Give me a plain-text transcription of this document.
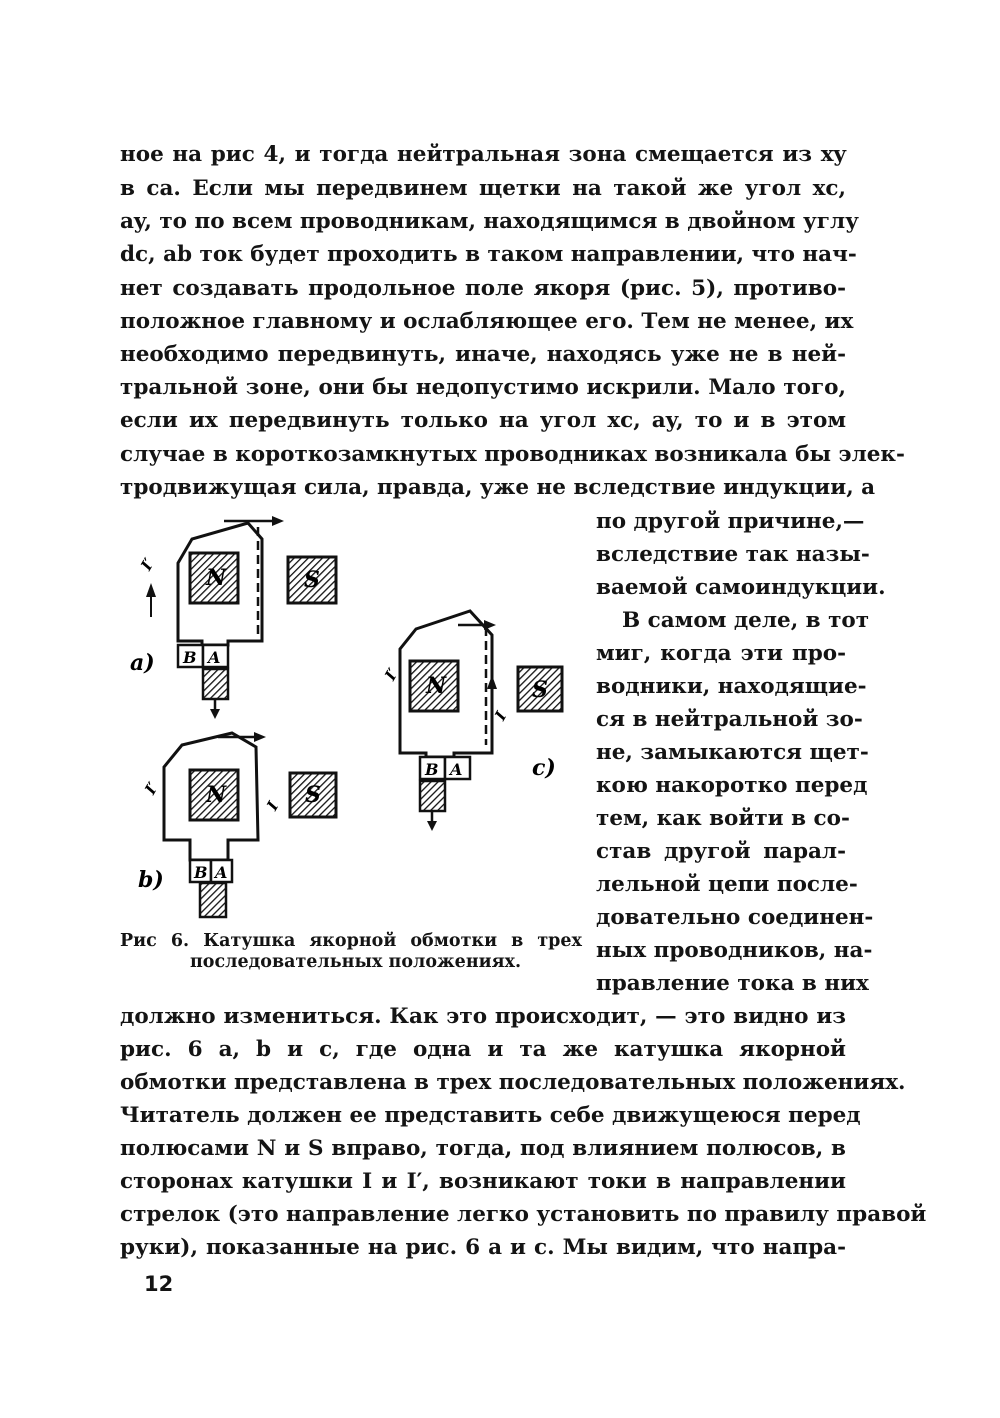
ное на рис 4, и тогда нейтральная зона смещается из xy
в ca. Если мы передвинем щетки на такой же угол xc,
ay, то по всем проводникам, находящимся в двойном углу
dc, ab ток будет проходить в таком направлении, что нач-
нет создавать продольное поле якоря (рис. 5), противо-
положное главному и ослабляющее его. Тем не менее, их
необходимо передвинуть, иначе, находясь уже не в ней-
тральной зоне, они бы недопустимо искрили. Мало того,
если их передвинуть только на угол xc, ay, то и в этом
случае в короткозамкнутых проводниках возникала бы элек-
тродвижущая сила, правда, уже не вследствие индукции, а
по другой причине,—
вследствие так назы-
ваемой самоиндукции.
В самом деле, в тот
миг, когда эти про-
водники, находящие-
ся в нейтральной зо-
не, замыкаются щет-
кою накоротко перед
тем, как войти в со-
став другой парал-
лельной цепи после-
довательно соединен-
ных проводников, на-
правление тока в них
a)
c)
b)
N	S
N	S
N	S
B A
B A
B A
I′
I′
I
I′
I
Рис 6. Катушка якорной обмотки в трех
последовательных положениях.
должно измениться. Как это происходит, — это видно из
рис. 6 a, b и c, где одна и та же катушка якорной
обмотки представлена в трех последовательных положениях.
Читатель должен ее представить себе движущеюся перед
полюсами N и S вправо, тогда, под влиянием полюсов, в
сторонах катушки I и I′, возникают токи в направлении
стрелок (это направление легко установить по правилу правой
руки), показанные на рис. 6 a и c. Мы видим, что напра-
12
